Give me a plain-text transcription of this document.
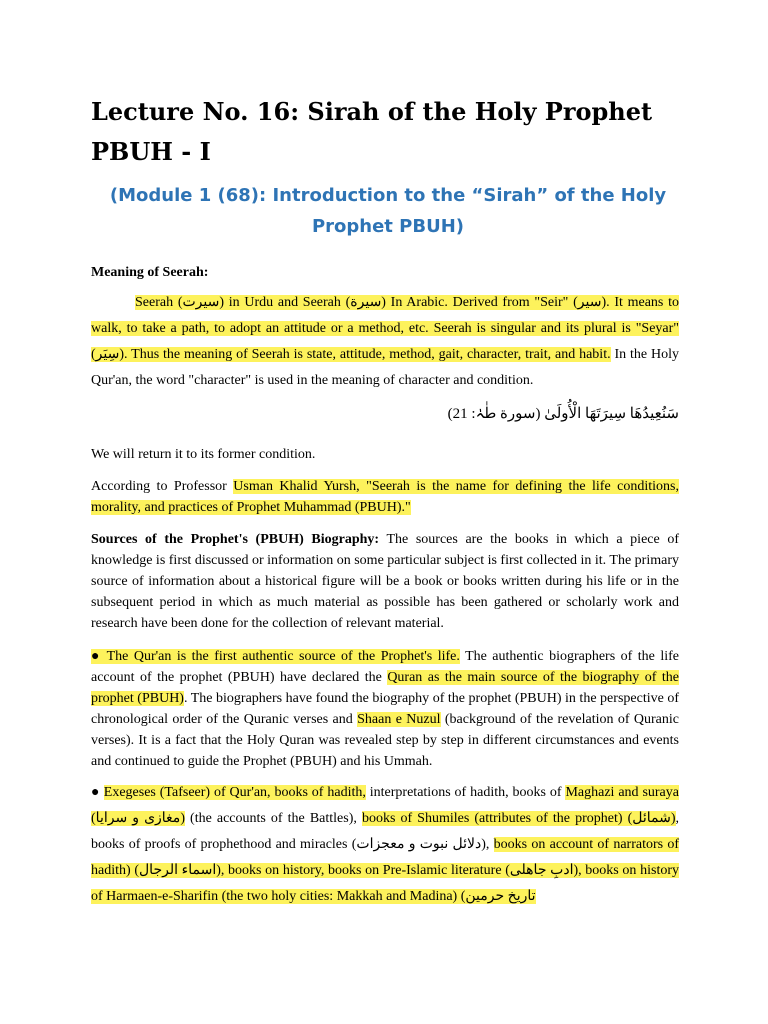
Lecture No. 16: Sirah of the Holy Prophet PBUH - I
(Module 1 (68): Introduction to the “Sirah” of the Holy Prophet PBUH)

Meaning of Seerah:

Seerah (سیرت) in Urdu and Seerah (سیرة) In Arabic. Derived from "Seir" (سیر). It means to walk, to take a path, to adopt an attitude or a method, etc. Seerah is singular and its plural is "Seyar" (سِیَر). Thus the meaning of Seerah is state, attitude, method, gait, character, trait, and habit. In the Holy Qur'an, the word "character" is used in the meaning of character and condition.

سَنُعِيدُهَا سِيرَتَهَا الْأُولَىٰ (سورة طٰہٰ: 21)

We will return it to its former condition.

According to Professor Usman Khalid Yursh, "Seerah is the name for defining the life conditions, morality, and practices of Prophet Muhammad (PBUH)."

Sources of the Prophet's (PBUH) Biography: The sources are the books in which a piece of knowledge is first discussed or information on some particular subject is first collected in it. The primary source of information about a historical figure will be a book or books written during his life or in the subsequent period in which as much material as possible has been gathered or scholarly work and research have been done for the collection of relevant material.

● The Qur'an is the first authentic source of the Prophet's life. The authentic biographers of the life account of the prophet (PBUH) have declared the Quran as the main source of the biography of the prophet (PBUH). The biographers have found the biography of the prophet (PBUH) in the perspective of chronological order of the Quranic verses and Shaan e Nuzul (background of the revelation of Quranic verses). It is a fact that the Holy Quran was revealed step by step in different circumstances and events and continued to guide the Prophet (PBUH) and his Ummah.

● Exegeses (Tafseer) of Qur'an, books of hadith, interpretations of hadith, books of Maghazi and suraya (مغازی و سرایا) (the accounts of the Battles), books of Shumiles (attributes of the prophet) (شمائل), books of proofs of prophethood and miracles (دلائل نبوت و معجزات), books on account of narrators of hadith) (اسماء الرجال), books on history, books on Pre-Islamic literature (ادبِ جاھلی), books on history of Harmaen-e-Sharifin (the two holy cities: Makkah and Madina) (تاریخ حرمین
